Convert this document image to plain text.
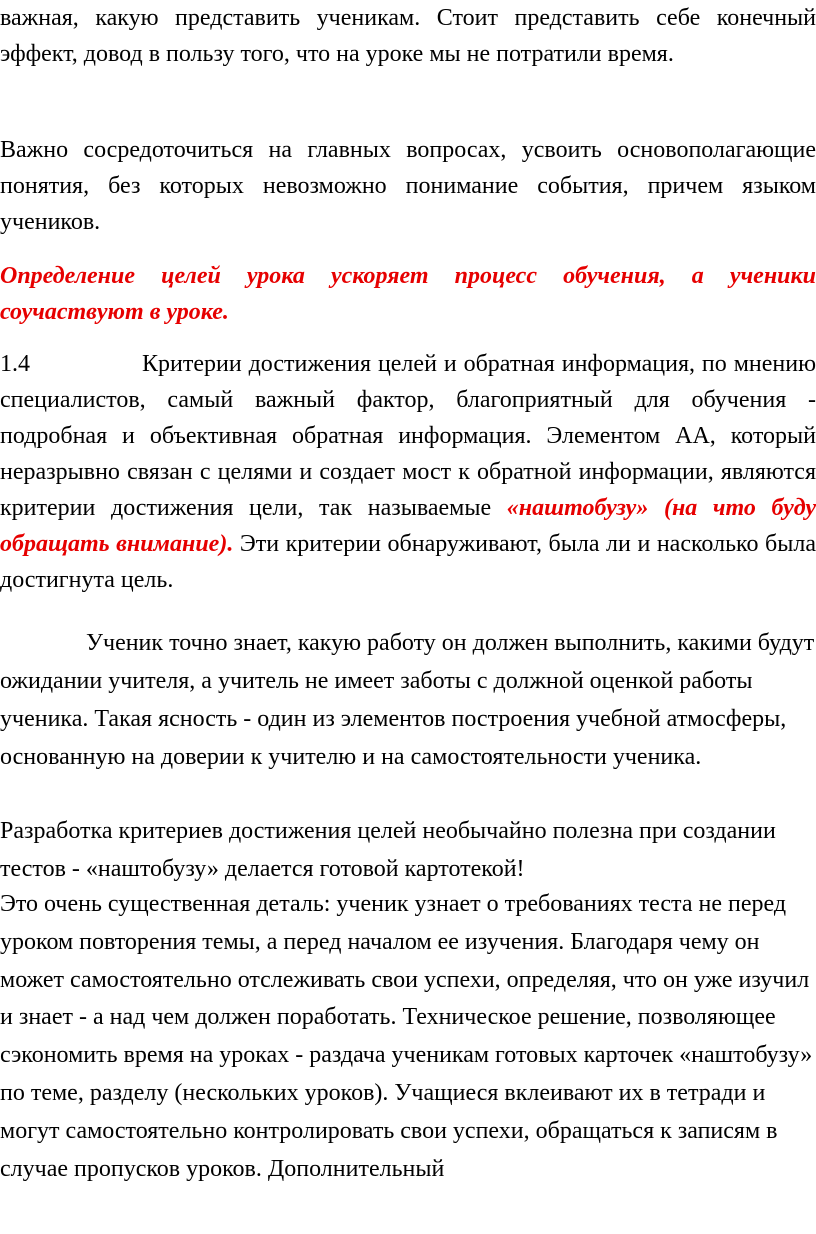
важная, какую представить ученикам. Стоит представить себе конечный эффект, довод в пользу того, что на уроке мы не потратили время.

Важно сосредоточиться на главных вопросах, усвоить основополагающие понятия, без которых невозможно понимание события, причем языком учеников.

Определение целей урока ускоряет процесс обучения, а ученики соучаствуют в уроке.

1.4	Критерии достижения целей и обратная информация, по мнению специалистов, самый важный фактор, благоприятный для обучения - подробная и объективная обратная информация. Элементом АА, который неразрывно связан с целями и создает мост к обратной информации, являются критерии достижения цели, так называемые «наштобузу» (на что буду обращать внимание). Эти критерии обнаруживают, была ли и насколько была достигнута цель.

Ученик точно знает, какую работу он должен выполнить, какими будут ожидании учителя, а учитель не имеет заботы с должной оценкой работы ученика. Такая ясность - один из элементов построения учебной атмосферы, основанную на доверии к учителю и на самостоятельности ученика.

Разработка критериев достижения целей необычайно полезна при создании тестов - «наштобузу» делается готовой картотекой!

Это очень существенная деталь: ученик узнает о требованиях теста не перед уроком повторения темы, а перед началом ее изучения. Благодаря чему он может самостоятельно отслеживать свои успехи, определяя, что он уже изучил и знает - а над чем должен поработать. Техническое решение, позволяющее сэкономить время на уроках - раздача ученикам готовых карточек «наштобузу» по теме, разделу (нескольких уроков). Учащиеся вклеивают их в тетради и могут самостоятельно контролировать свои успехи, обращаться к записям в случае пропусков уроков. Дополнительный
